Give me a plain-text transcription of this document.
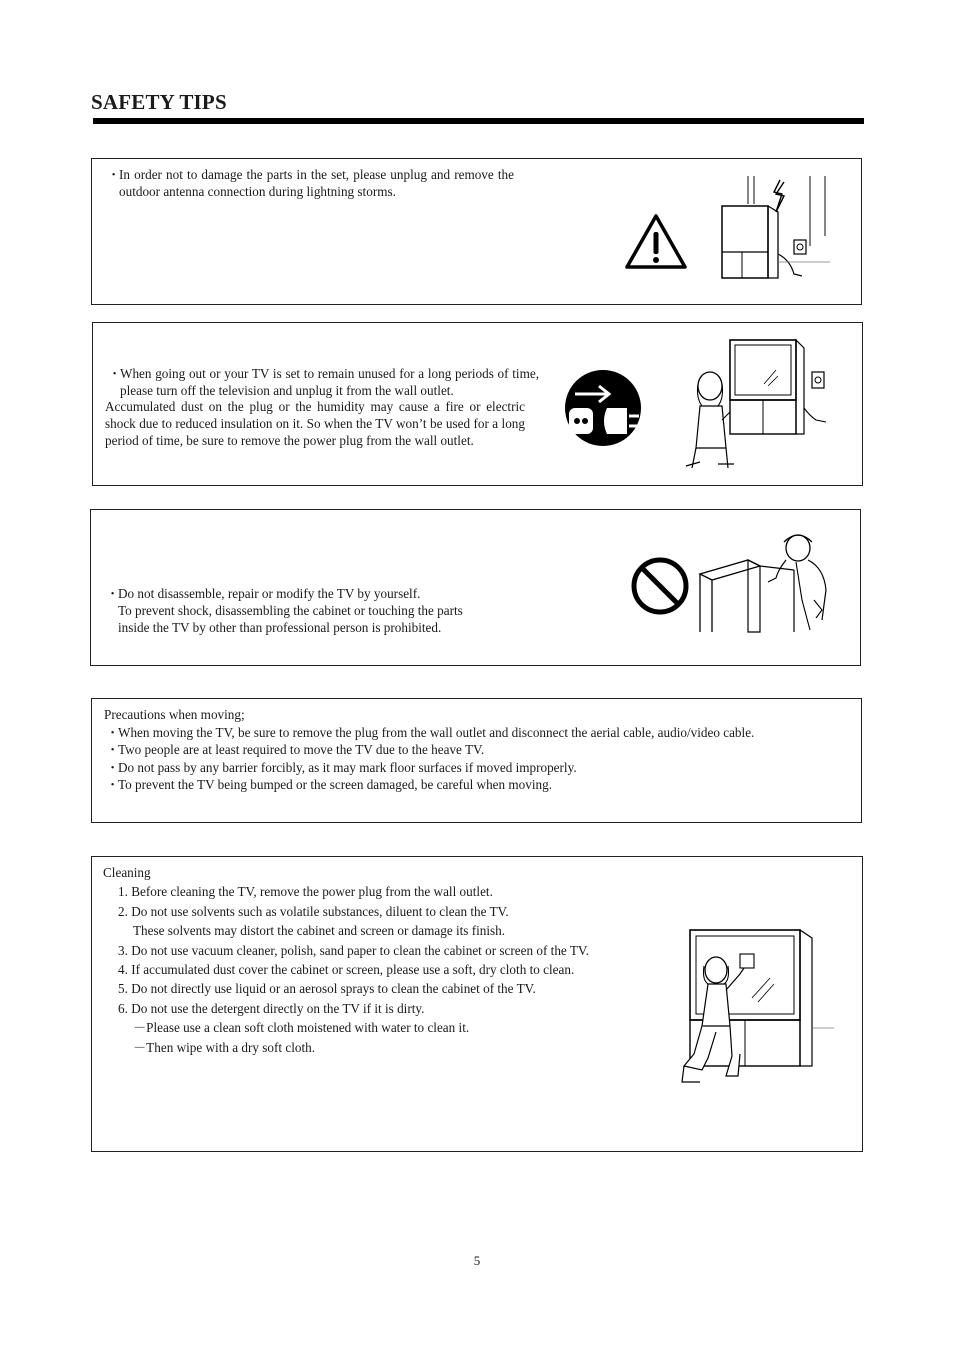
SAFETY TIPS
・
In order not to damage the parts in the set, please unplug and remove the outdoor antenna connection during lightning storms.
・
When going out or your TV is set to remain unused for a long periods of time, please turn off the television and unplug it from the wall outlet.
Accumulated dust on the plug or the humidity may cause a fire or electric shock due to reduced insulation on it. So when the TV won’t be used for a long period of time, be sure to remove the power plug from the wall outlet.
・
Do not disassemble, repair or modify the TV by yourself.
To prevent shock, disassembling the cabinet or touching the parts
inside the TV by other than professional person is prohibited.
Precautions when moving;
・
When moving the TV, be sure to remove the plug from the wall outlet and disconnect the aerial cable, audio/video cable.
・
Two people are at least required to move the TV due to the heave TV.
・
Do not pass by any barrier forcibly, as it may mark floor surfaces if moved improperly.
・
To prevent the TV being bumped or the screen damaged, be careful when moving.
Cleaning
1. Before cleaning the TV, remove the power plug from the wall outlet.
2. Do not use solvents such as volatile substances, diluent to clean the TV.
These solvents may distort the cabinet and screen or damage its finish.
3. Do not use vacuum cleaner, polish, sand paper to clean the cabinet or screen of the TV.
4. If accumulated dust cover the cabinet or screen, please use a soft, dry cloth to clean.
5. Do not directly use liquid or an aerosol sprays to clean the cabinet of the TV.
6. Do not use the detergent directly on the TV if it is dirty.
－Please use a clean soft cloth moistened with water to clean it.
－Then wipe with a dry soft cloth.
5
